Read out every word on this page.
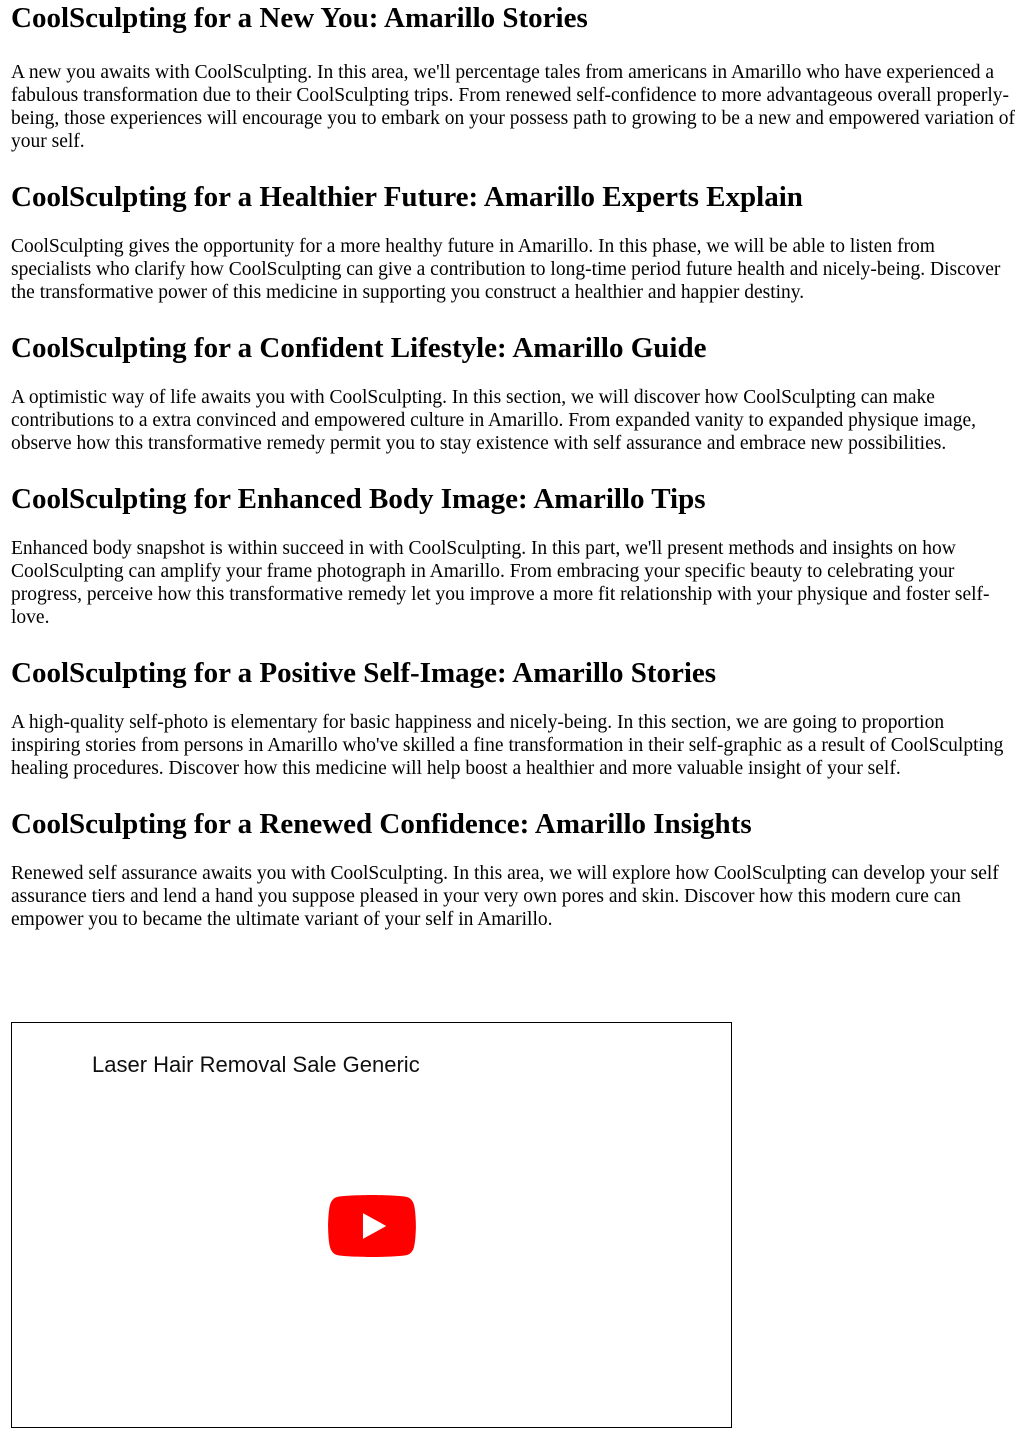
CoolSculpting for a New You: Amarillo Stories

A new you awaits with CoolSculpting. In this area, we'll percentage tales from americans in Amarillo who have experienced a fabulous transformation due to their CoolSculpting trips. From renewed self-confidence to more advantageous overall properly-being, those experiences will encourage you to embark on your possess path to growing to be a new and empowered variation of your self.

CoolSculpting for a Healthier Future: Amarillo Experts Explain

CoolSculpting gives the opportunity for a more healthy future in Amarillo. In this phase, we will be able to listen from specialists who clarify how CoolSculpting can give a contribution to long-time period future health and nicely-being. Discover the transformative power of this medicine in supporting you construct a healthier and happier destiny.

CoolSculpting for a Confident Lifestyle: Amarillo Guide

A optimistic way of life awaits you with CoolSculpting. In this section, we will discover how CoolSculpting can make contributions to a extra convinced and empowered culture in Amarillo. From expanded vanity to expanded physique image, observe how this transformative remedy permit you to stay existence with self assurance and embrace new possibilities.

CoolSculpting for Enhanced Body Image: Amarillo Tips

Enhanced body snapshot is within succeed in with CoolSculpting. In this part, we'll present methods and insights on how CoolSculpting can amplify your frame photograph in Amarillo. From embracing your specific beauty to celebrating your progress, perceive how this transformative remedy let you improve a more fit relationship with your physique and foster self-love.

CoolSculpting for a Positive Self-Image: Amarillo Stories

A high-quality self-photo is elementary for basic happiness and nicely-being. In this section, we are going to proportion inspiring stories from persons in Amarillo who've skilled a fine transformation in their self-graphic as a result of CoolSculpting healing procedures. Discover how this medicine will help boost a healthier and more valuable insight of your self.

CoolSculpting for a Renewed Confidence: Amarillo Insights

Renewed self assurance awaits you with CoolSculpting. In this area, we will explore how CoolSculpting can develop your self assurance tiers and lend a hand you suppose pleased in your very own pores and skin. Discover how this modern cure can empower you to became the ultimate variant of your self in Amarillo.

Laser Hair Removal Sale Generic
